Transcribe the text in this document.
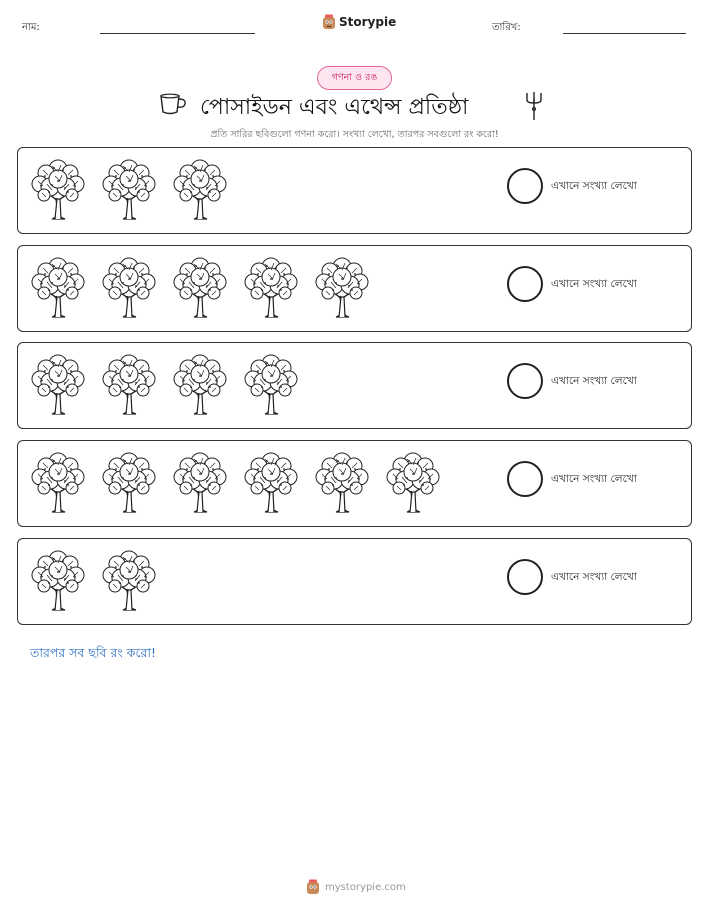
নাম:	Storypie	তারিখ:
গণনা ও রঙ
পোসাইডন এবং এথেন্স প্রতিষ্ঠা
প্রতি সারির ছবিগুলো গণনা করো। সংখ্যা লেখো, তারপর সবগুলো রং করো!
এখানে সংখ্যা লেখো
এখানে সংখ্যা লেখো
এখানে সংখ্যা লেখো
এখানে সংখ্যা লেখো
এখানে সংখ্যা লেখো
তারপর সব ছবি রং করো!
mystorypie.com
